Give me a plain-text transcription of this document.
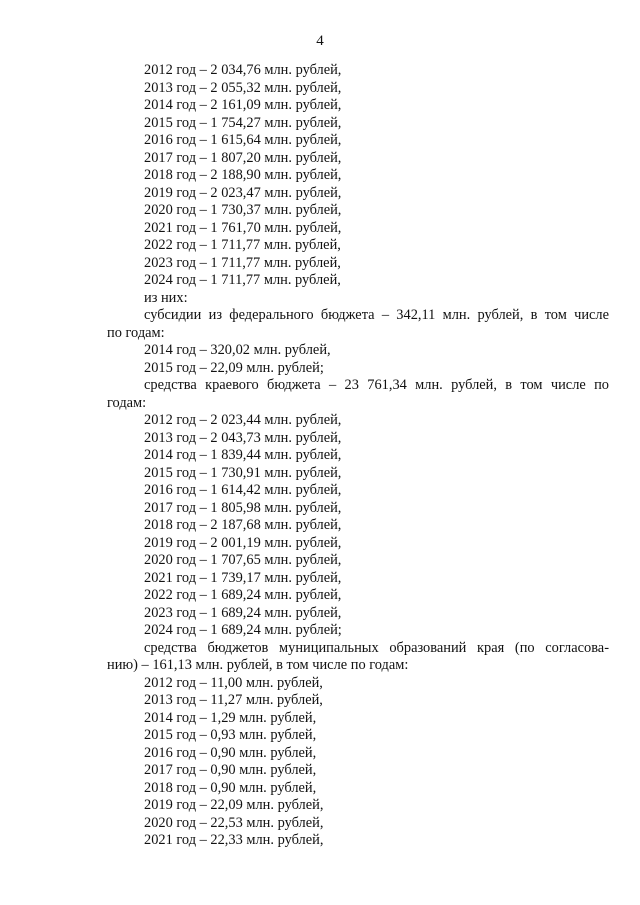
4
2012 год – 2 034,76 млн. рублей,
2013 год – 2 055,32 млн. рублей,
2014 год – 2 161,09 млн. рублей,
2015 год – 1 754,27 млн. рублей,
2016 год – 1 615,64 млн. рублей,
2017 год – 1 807,20 млн. рублей,
2018 год – 2 188,90 млн. рублей,
2019 год – 2 023,47 млн. рублей,
2020 год – 1 730,37 млн. рублей,
2021 год – 1 761,70 млн. рублей,
2022 год – 1 711,77 млн. рублей,
2023 год – 1 711,77 млн. рублей,
2024 год – 1 711,77 млн. рублей,
из них:
субсидии из федерального бюджета – 342,11 млн. рублей, в том числе
по годам:
2014 год – 320,02 млн. рублей,
2015 год – 22,09 млн. рублей;
средства краевого бюджета – 23 761,34 млн. рублей, в том числе по
годам:
2012 год – 2 023,44 млн. рублей,
2013 год – 2 043,73 млн. рублей,
2014 год – 1 839,44 млн. рублей,
2015 год – 1 730,91 млн. рублей,
2016 год – 1 614,42 млн. рублей,
2017 год – 1 805,98 млн. рублей,
2018 год – 2 187,68 млн. рублей,
2019 год – 2 001,19 млн. рублей,
2020 год – 1 707,65 млн. рублей,
2021 год – 1 739,17 млн. рублей,
2022 год – 1 689,24 млн. рублей,
2023 год – 1 689,24 млн. рублей,
2024 год – 1 689,24 млн. рублей;
средства бюджетов муниципальных образований края (по согласова-
нию) – 161,13 млн. рублей, в том числе по годам:
2012 год – 11,00 млн. рублей,
2013 год – 11,27 млн. рублей,
2014 год – 1,29 млн. рублей,
2015 год – 0,93 млн. рублей,
2016 год – 0,90 млн. рублей,
2017 год – 0,90 млн. рублей,
2018 год – 0,90 млн. рублей,
2019 год – 22,09 млн. рублей,
2020 год – 22,53 млн. рублей,
2021 год – 22,33 млн. рублей,
